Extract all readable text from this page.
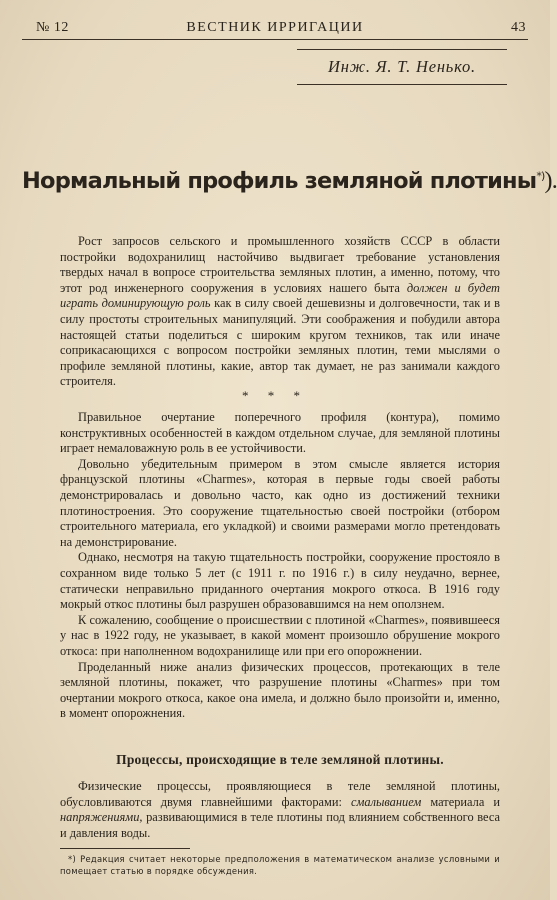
№ 12	ВЕСТНИК ИРРИГАЦИИ	43
Инж. Я. Т. Ненько.
Нормальный профиль земляной плотины*)).

Рост запросов сельского и промышленного хозяйств СССР в области постройки водохранилищ настойчиво выдвигает требование установления твердых начал в вопросе строительства земляных плотин, а именно, потому, что этот род инженерного сооружения в условиях нашего быта должен и будет играть доминирующую роль как в силу своей дешевизны и долговечности, так и в силу простоты строительных манипуляций. Эти соображения и побудили автора настоящей статьи поделиться с широким кругом техников, так или иначе соприкасающихся с вопросом постройки земляных плотин, теми мыслями о профиле земляной плотины, какие, автор так думает, не раз занимали каждого строителя.

* * *

Правильное очертание поперечного профиля (контура), помимо конструктивных особенностей в каждом отдельном случае, для земляной плотины играет немаловажную роль в ее устойчивости.

Довольно убедительным примером в этом смысле является история французской плотины «Charmes», которая в первые годы своей работы демонстрировалась и довольно часто, как одно из достижений техники плотиностроения. Это сооружение тщательностью своей постройки (отбором строительного материала, его укладкой) и своими размерами могло претендовать на демонстрирование.

Однако, несмотря на такую тщательность постройки, сооружение простояло в сохранном виде только 5 лет (с 1911 г. по 1916 г.) в силу неудачно, вернее, статически неправильно приданного очертания мокрого откоса. В 1916 году мокрый откос плотины был разрушен образовавшимся на нем оползнем.

К сожалению, сообщение о происшествии с плотиной «Charmes», появившееся у нас в 1922 году, не указывает, в какой момент произошло обрушение мокрого откоса: при наполненном водохранилище или при его опорожнении.

Проделанный ниже анализ физических процессов, протекающих в теле земляной плотины, покажет, что разрушение плотины «Charmes» при том очертании мокрого откоса, какое она имела, и должно было произойти и, именно, в момент опорожнения.

Процессы, происходящие в теле земляной плотины.

Физические процессы, проявляющиеся в теле земляной плотины, обусловливаются двумя главнейшими факторами: смалыванием материала и напряжениями, развивающимися в теле плотины под влиянием собственного веса и давления воды.

*) Редакция считает некоторые предположения в математическом анализе условными и помещает статью в порядке обсуждения.
